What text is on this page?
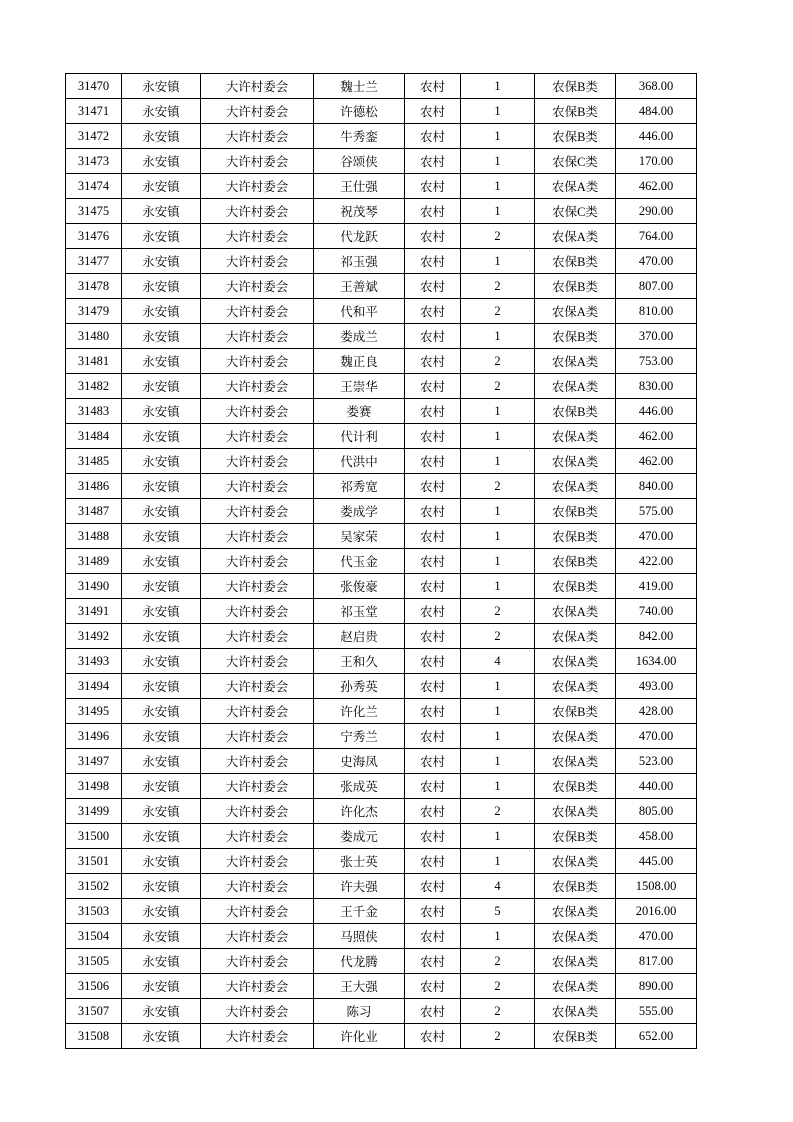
31470	永安镇	大许村委会	魏士兰	农村	1	农保B类	368.00
31471	永安镇	大许村委会	许德松	农村	1	农保B类	484.00
31472	永安镇	大许村委会	牛秀銮	农村	1	农保B类	446.00
31473	永安镇	大许村委会	谷颂侠	农村	1	农保C类	170.00
31474	永安镇	大许村委会	王仕强	农村	1	农保A类	462.00
31475	永安镇	大许村委会	祝茂琴	农村	1	农保C类	290.00
31476	永安镇	大许村委会	代龙跃	农村	2	农保A类	764.00
31477	永安镇	大许村委会	祁玉强	农村	1	农保B类	470.00
31478	永安镇	大许村委会	王善斌	农村	2	农保B类	807.00
31479	永安镇	大许村委会	代和平	农村	2	农保A类	810.00
31480	永安镇	大许村委会	娄成兰	农村	1	农保B类	370.00
31481	永安镇	大许村委会	魏正良	农村	2	农保A类	753.00
31482	永安镇	大许村委会	王崇华	农村	2	农保A类	830.00
31483	永安镇	大许村委会	娄赛	农村	1	农保B类	446.00
31484	永安镇	大许村委会	代计利	农村	1	农保A类	462.00
31485	永安镇	大许村委会	代洪中	农村	1	农保A类	462.00
31486	永安镇	大许村委会	祁秀宽	农村	2	农保A类	840.00
31487	永安镇	大许村委会	娄成学	农村	1	农保B类	575.00
31488	永安镇	大许村委会	吴家荣	农村	1	农保B类	470.00
31489	永安镇	大许村委会	代玉金	农村	1	农保B类	422.00
31490	永安镇	大许村委会	张俊豪	农村	1	农保B类	419.00
31491	永安镇	大许村委会	祁玉堂	农村	2	农保A类	740.00
31492	永安镇	大许村委会	赵启贵	农村	2	农保A类	842.00
31493	永安镇	大许村委会	王和久	农村	4	农保A类	1634.00
31494	永安镇	大许村委会	孙秀英	农村	1	农保A类	493.00
31495	永安镇	大许村委会	许化兰	农村	1	农保B类	428.00
31496	永安镇	大许村委会	宁秀兰	农村	1	农保A类	470.00
31497	永安镇	大许村委会	史海凤	农村	1	农保A类	523.00
31498	永安镇	大许村委会	张成英	农村	1	农保B类	440.00
31499	永安镇	大许村委会	许化杰	农村	2	农保A类	805.00
31500	永安镇	大许村委会	娄成元	农村	1	农保B类	458.00
31501	永安镇	大许村委会	张士英	农村	1	农保A类	445.00
31502	永安镇	大许村委会	许夫强	农村	4	农保B类	1508.00
31503	永安镇	大许村委会	王千金	农村	5	农保A类	2016.00
31504	永安镇	大许村委会	马照侠	农村	1	农保A类	470.00
31505	永安镇	大许村委会	代龙腾	农村	2	农保A类	817.00
31506	永安镇	大许村委会	王大强	农村	2	农保A类	890.00
31507	永安镇	大许村委会	陈习	农村	2	农保A类	555.00
31508	永安镇	大许村委会	许化业	农村	2	农保B类	652.00
